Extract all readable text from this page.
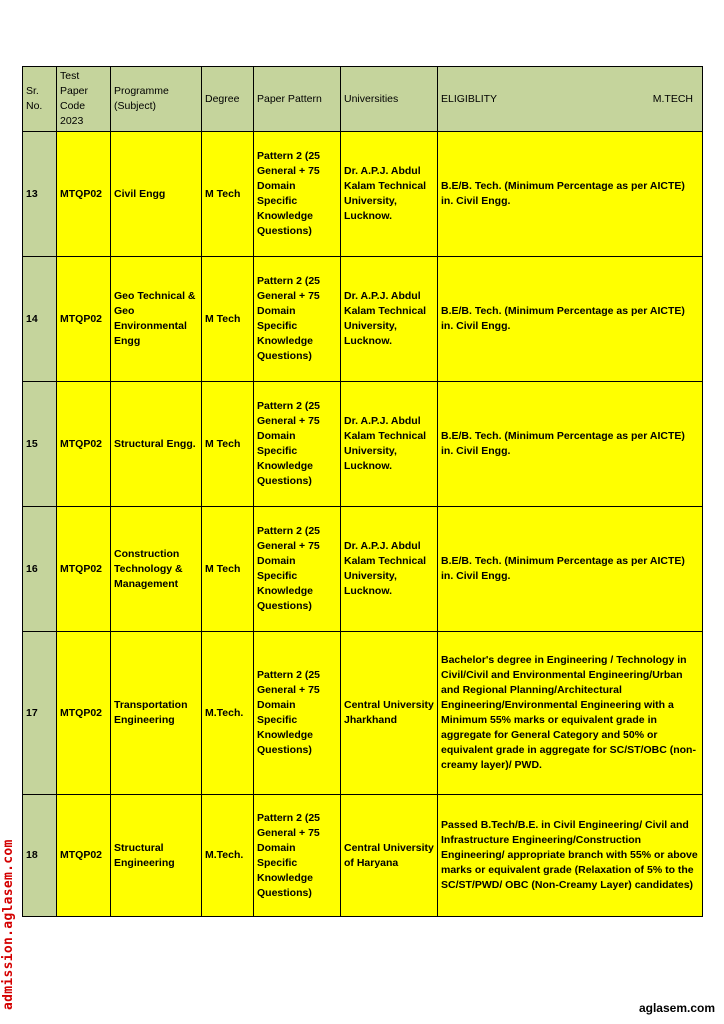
Sr. No.	Test Paper Code 2023	Programme (Subject)	Degree	Paper Pattern	Universities	ELIGIBLITY M.TECH

13	MTQP02	Civil Engg	M Tech	Pattern 2 (25 General + 75 Domain Specific Knowledge Questions)	Dr. A.P.J. Abdul Kalam Technical University, Lucknow.	B.E/B. Tech. (Minimum Percentage as per AICTE) in. Civil Engg.
14	MTQP02	Geo Technical & Geo Environmental Engg	M Tech	Pattern 2 (25 General + 75 Domain Specific Knowledge Questions)	Dr. A.P.J. Abdul Kalam Technical University, Lucknow.	B.E/B. Tech. (Minimum Percentage as per AICTE) in. Civil Engg.
15	MTQP02	Structural Engg.	M Tech	Pattern 2 (25 General + 75 Domain Specific Knowledge Questions)	Dr. A.P.J. Abdul Kalam Technical University, Lucknow.	B.E/B. Tech. (Minimum Percentage as per AICTE) in. Civil Engg.
16	MTQP02	Construction Technology & Management	M Tech	Pattern 2 (25 General + 75 Domain Specific Knowledge Questions)	Dr. A.P.J. Abdul Kalam Technical University, Lucknow.	B.E/B. Tech. (Minimum Percentage as per AICTE) in. Civil Engg.
17	MTQP02	Transportation Engineering	M.Tech.	Pattern 2 (25 General + 75 Domain Specific Knowledge Questions)	Central University Jharkhand	Bachelor's degree in Engineering / Technology in Civil/Civil and Environmental Engineering/Urban and Regional Planning/Architectural Engineering/Environmental Engineering with a Minimum 55% marks or equivalent grade in aggregate for General Category and 50% or equivalent grade in aggregate for SC/ST/OBC (non-creamy layer)/ PWD.
18	MTQP02	Structural Engineering	M.Tech.	Pattern 2 (25 General + 75 Domain Specific Knowledge Questions)	Central University of Haryana	Passed B.Tech/B.E. in Civil Engineering/ Civil and Infrastructure Engineering/Construction Engineering/ appropriate branch with 55% or above marks or equivalent grade (Relaxation of 5% to the SC/ST/PWD/ OBC (Non-Creamy Layer) candidates)
admission.aglasem.com	aglasem.com
